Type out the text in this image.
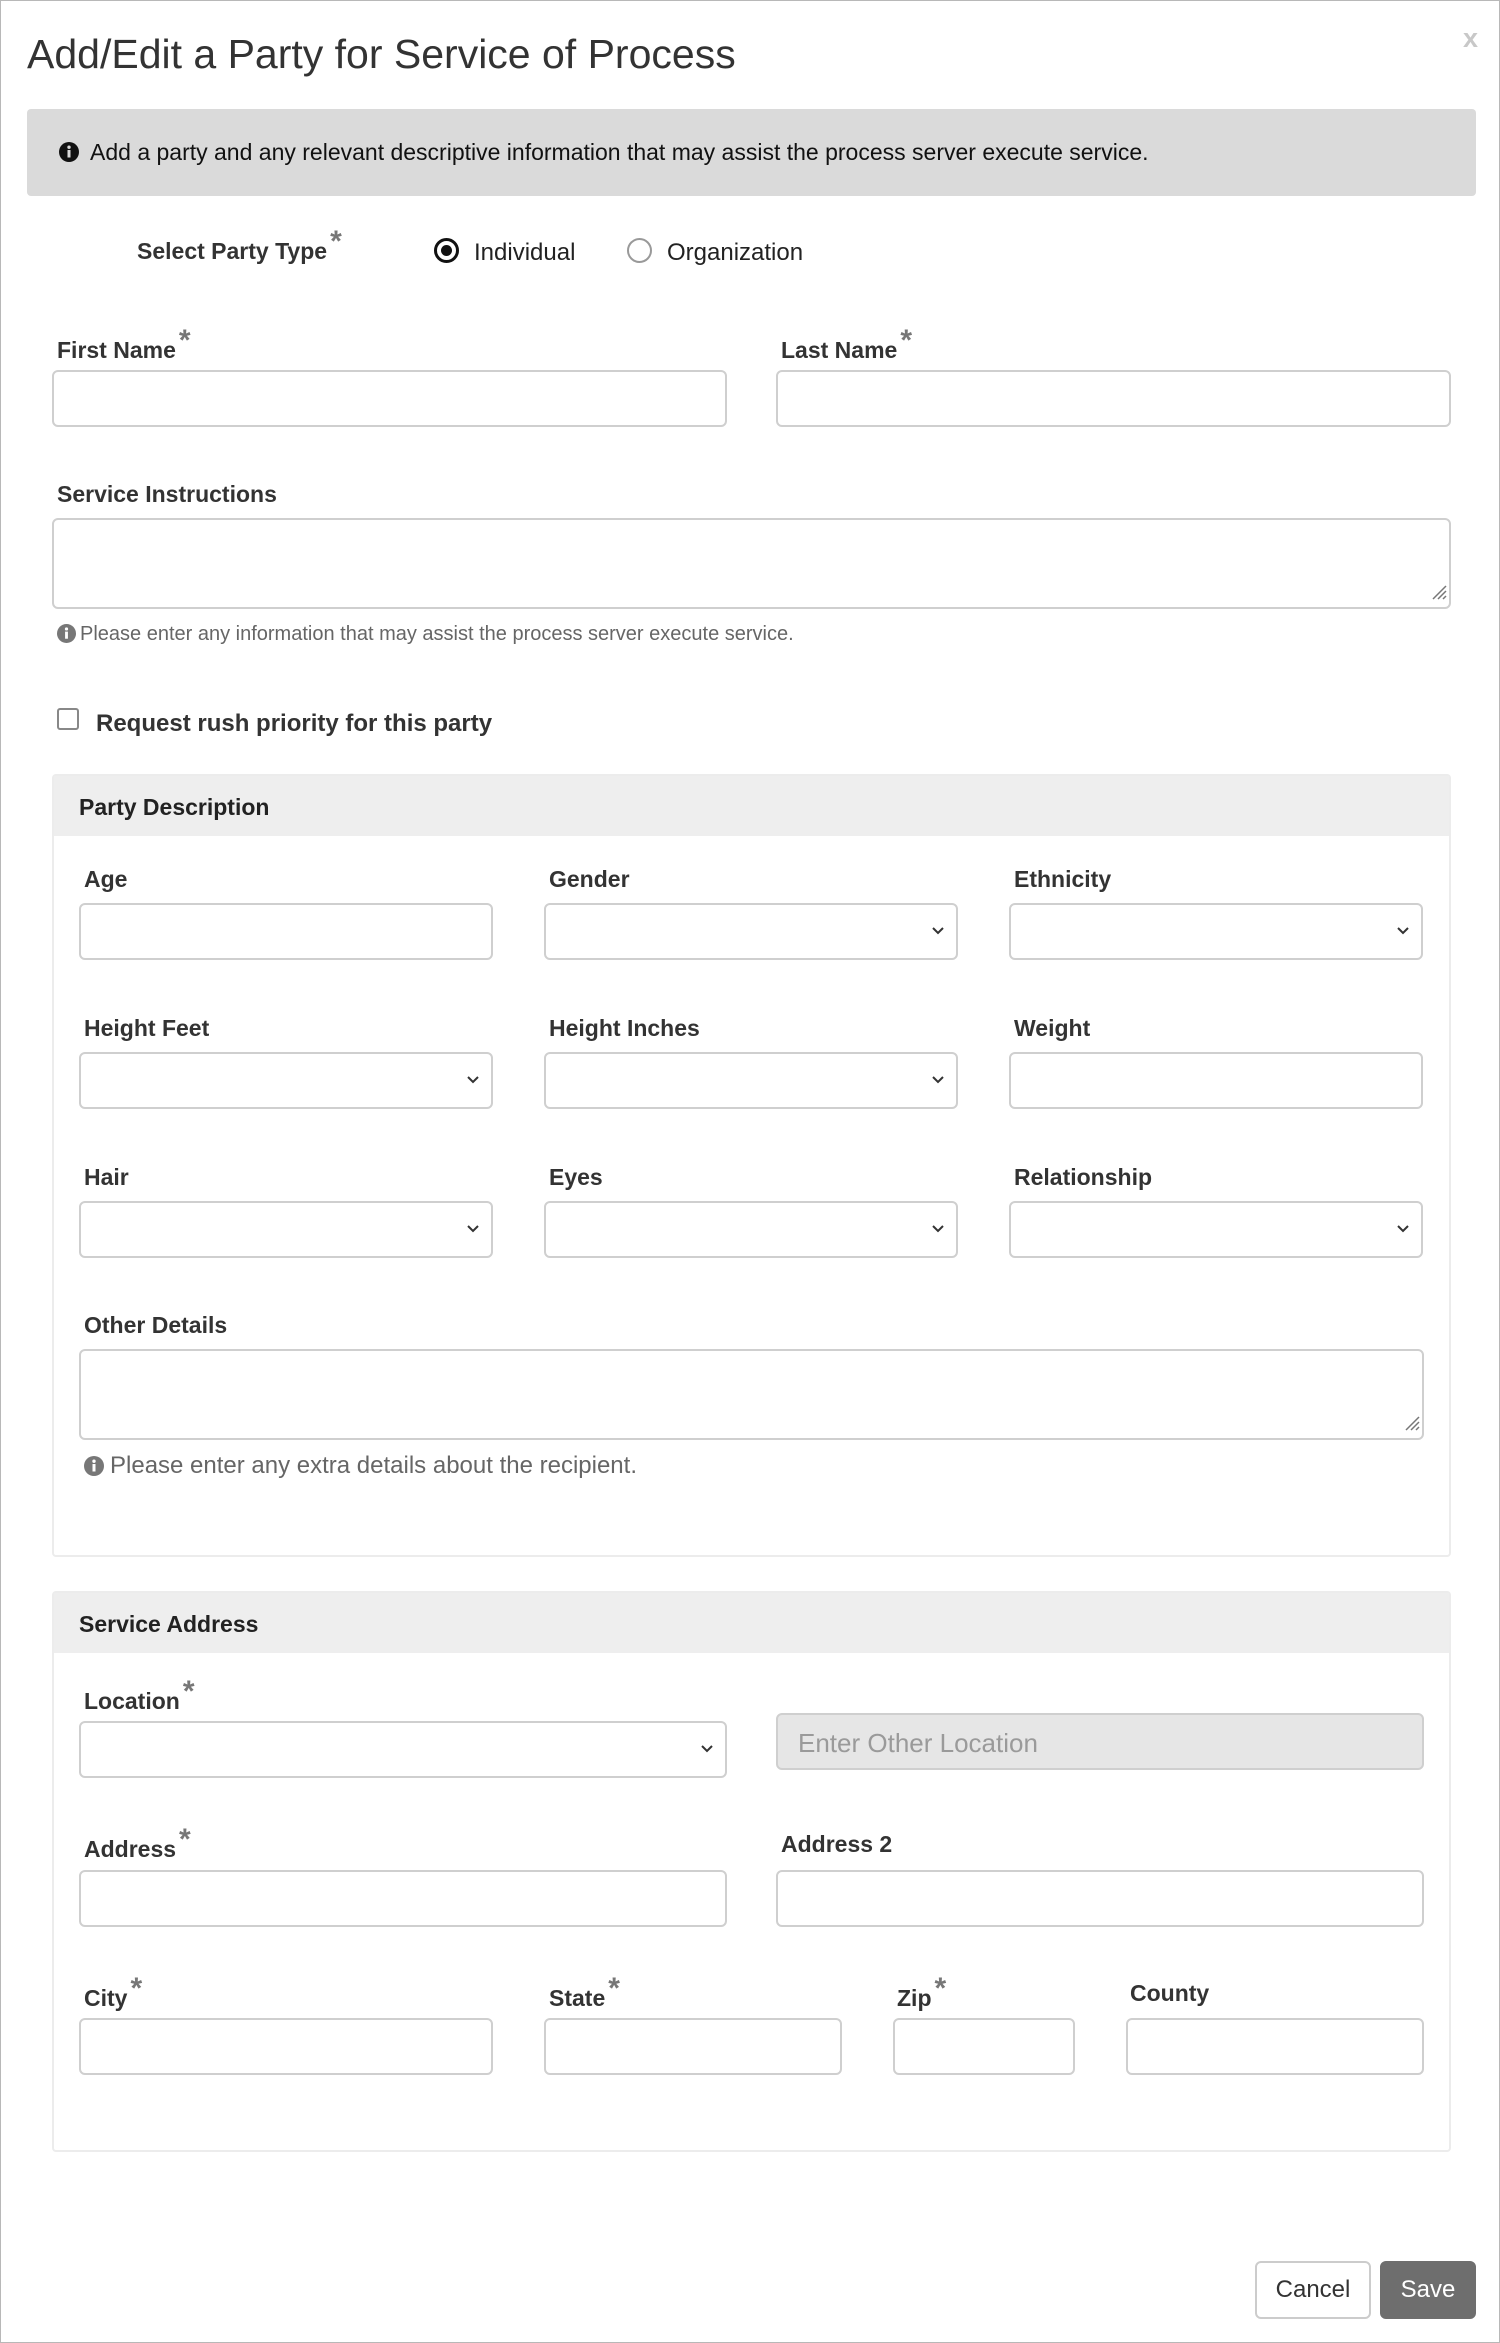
Add/Edit a Party for Service of Process	x
Add a party and any relevant descriptive information that may assist the process server execute service.
Select Party Type *	Individual	Organization
First Name *	Last Name *
Service Instructions
Please enter any information that may assist the process server execute service.
Request rush priority for this party
Party Description
Age	Gender	Ethnicity
Height Feet	Height Inches	Weight
Hair	Eyes	Relationship
Other Details
Please enter any extra details about the recipient.
Service Address
Location *
Enter Other Location
Address *	Address 2
City *	State *	Zip *	County
Cancel	Save
